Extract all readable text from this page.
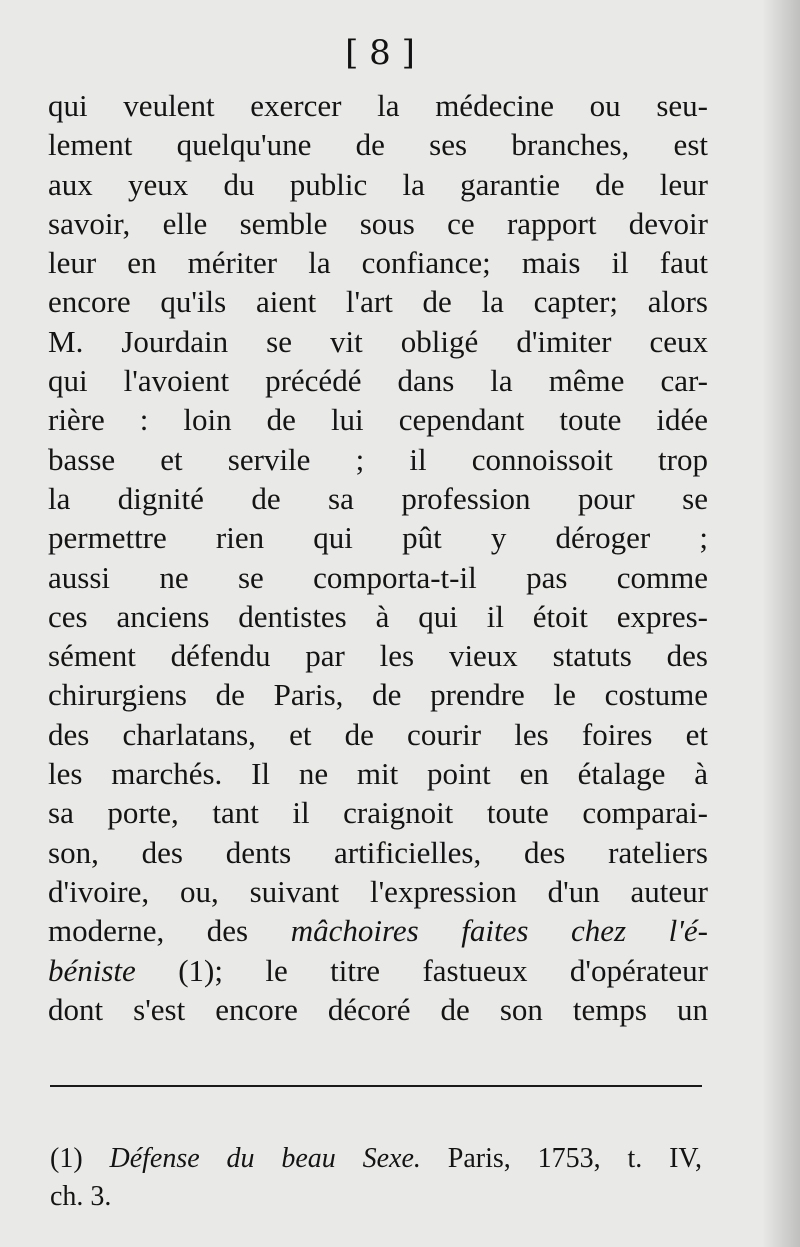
[ 8 ]
qui veulent exercer la médecine ou seu-
lement quelqu'une de ses branches, est
aux yeux du public la garantie de leur
savoir, elle semble sous ce rapport devoir
leur en mériter la confiance; mais il faut
encore qu'ils aient l'art de la capter; alors
M. Jourdain se vit obligé d'imiter ceux
qui l'avoient précédé dans la même car-
rière : loin de lui cependant toute idée
basse et servile ; il connoissoit trop
la dignité de sa profession pour se
permettre rien qui pût y déroger ;
aussi ne se comporta-t-il pas comme
ces anciens dentistes à qui il étoit expres-
sément défendu par les vieux statuts des
chirurgiens de Paris, de prendre le costume
des charlatans, et de courir les foires et
les marchés. Il ne mit point en étalage à
sa porte, tant il craignoit toute comparai-
son, des dents artificielles, des rateliers
d'ivoire, ou, suivant l'expression d'un auteur
moderne, des mâchoires faites chez l'é-
béniste (1); le titre fastueux d'opérateur
dont s'est encore décoré de son temps un
(1) Défense du beau Sexe. Paris, 1753, t. IV,
ch. 3.
